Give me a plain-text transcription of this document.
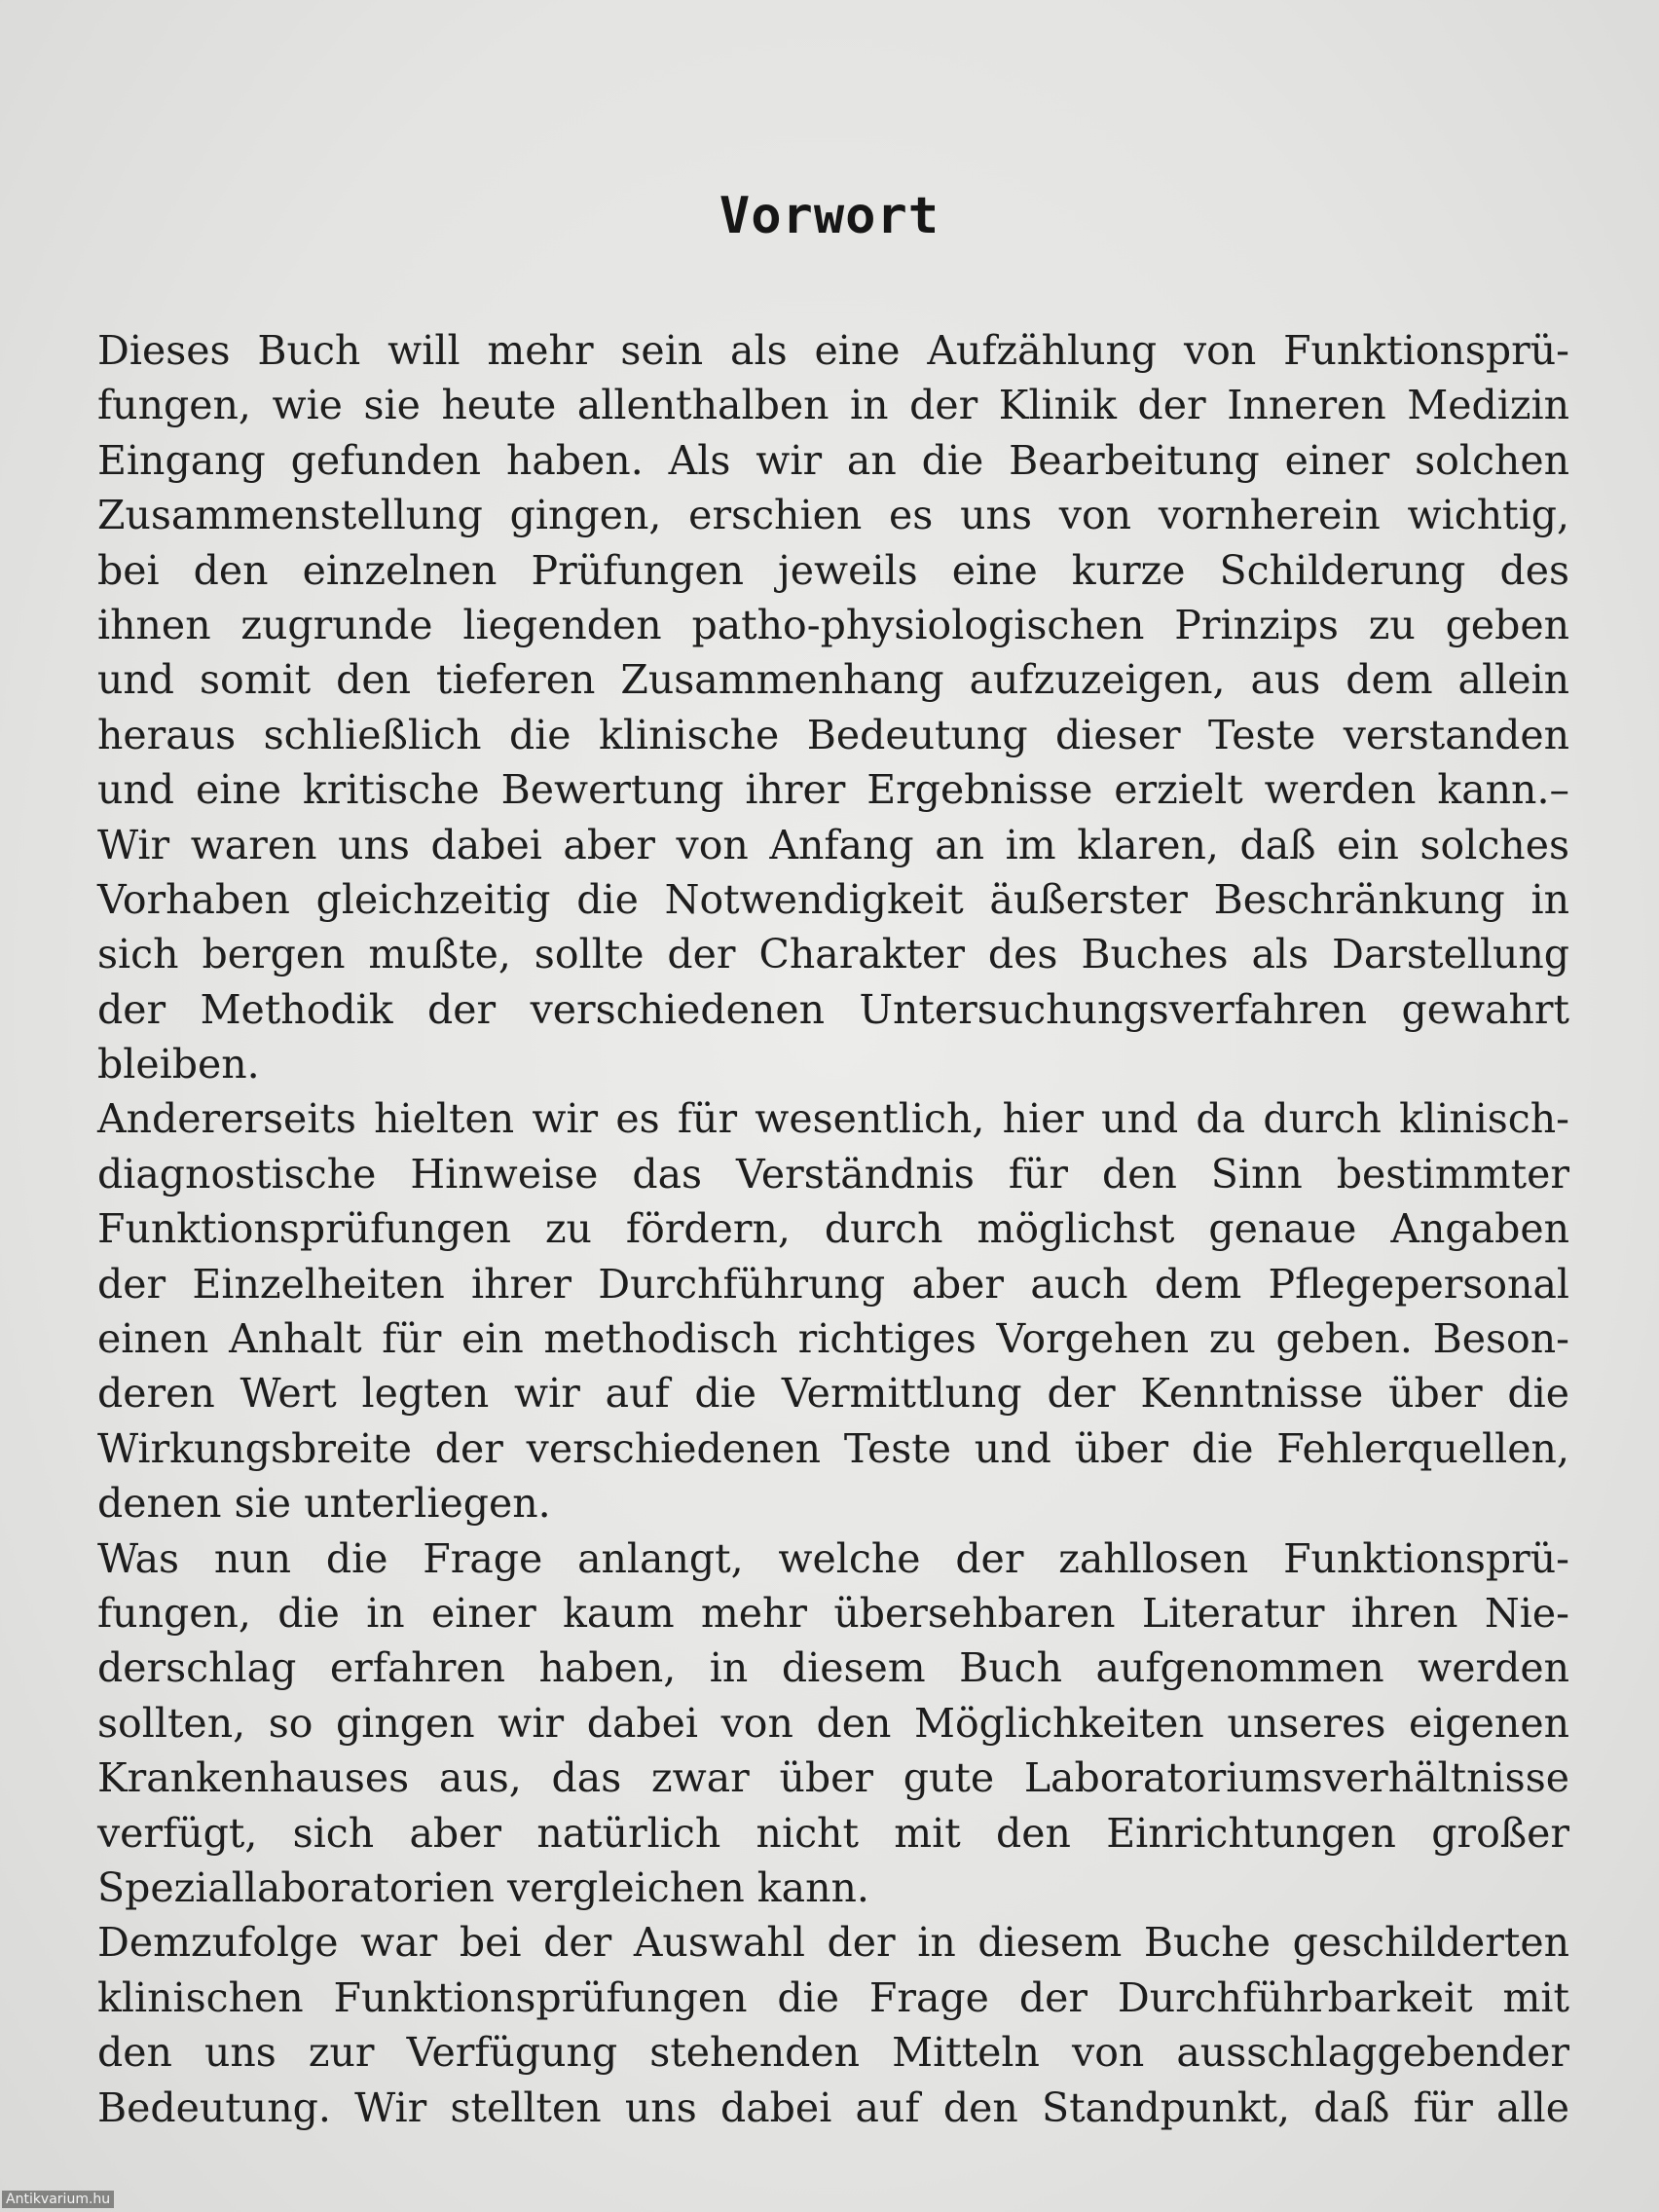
Vorwort
Dieses Buch will mehr sein als eine Aufzählung von Funktionsprü-
fungen, wie sie heute allenthalben in der Klinik der Inneren Medizin
Eingang gefunden haben. Als wir an die Bearbeitung einer solchen
Zusammenstellung gingen, erschien es uns von vornherein wichtig,
bei den einzelnen Prüfungen jeweils eine kurze Schilderung des
ihnen zugrunde liegenden patho-physiologischen Prinzips zu geben
und somit den tieferen Zusammenhang aufzuzeigen, aus dem allein
heraus schließlich die klinische Bedeutung dieser Teste verstanden
und eine kritische Bewertung ihrer Ergebnisse erzielt werden kann.–
Wir waren uns dabei aber von Anfang an im klaren, daß ein solches
Vorhaben gleichzeitig die Notwendigkeit äußerster Beschränkung in
sich bergen mußte, sollte der Charakter des Buches als Darstellung
der Methodik der verschiedenen Untersuchungsverfahren gewahrt
bleiben.
Andererseits hielten wir es für wesentlich, hier und da durch klinisch-
diagnostische Hinweise das Verständnis für den Sinn bestimmter
Funktionsprüfungen zu fördern, durch möglichst genaue Angaben
der Einzelheiten ihrer Durchführung aber auch dem Pflegepersonal
einen Anhalt für ein methodisch richtiges Vorgehen zu geben. Beson-
deren Wert legten wir auf die Vermittlung der Kenntnisse über die
Wirkungsbreite der verschiedenen Teste und über die Fehlerquellen,
denen sie unterliegen.
Was nun die Frage anlangt, welche der zahllosen Funktionsprü-
fungen, die in einer kaum mehr übersehbaren Literatur ihren Nie-
derschlag erfahren haben, in diesem Buch aufgenommen werden
sollten, so gingen wir dabei von den Möglichkeiten unseres eigenen
Krankenhauses aus, das zwar über gute Laboratoriumsverhältnisse
verfügt, sich aber natürlich nicht mit den Einrichtungen großer
Speziallaboratorien vergleichen kann.
Demzufolge war bei der Auswahl der in diesem Buche geschilderten
klinischen Funktionsprüfungen die Frage der Durchführbarkeit mit
den uns zur Verfügung stehenden Mitteln von ausschlaggebender
Bedeutung. Wir stellten uns dabei auf den Standpunkt, daß für alle
Antikvarium.hu
